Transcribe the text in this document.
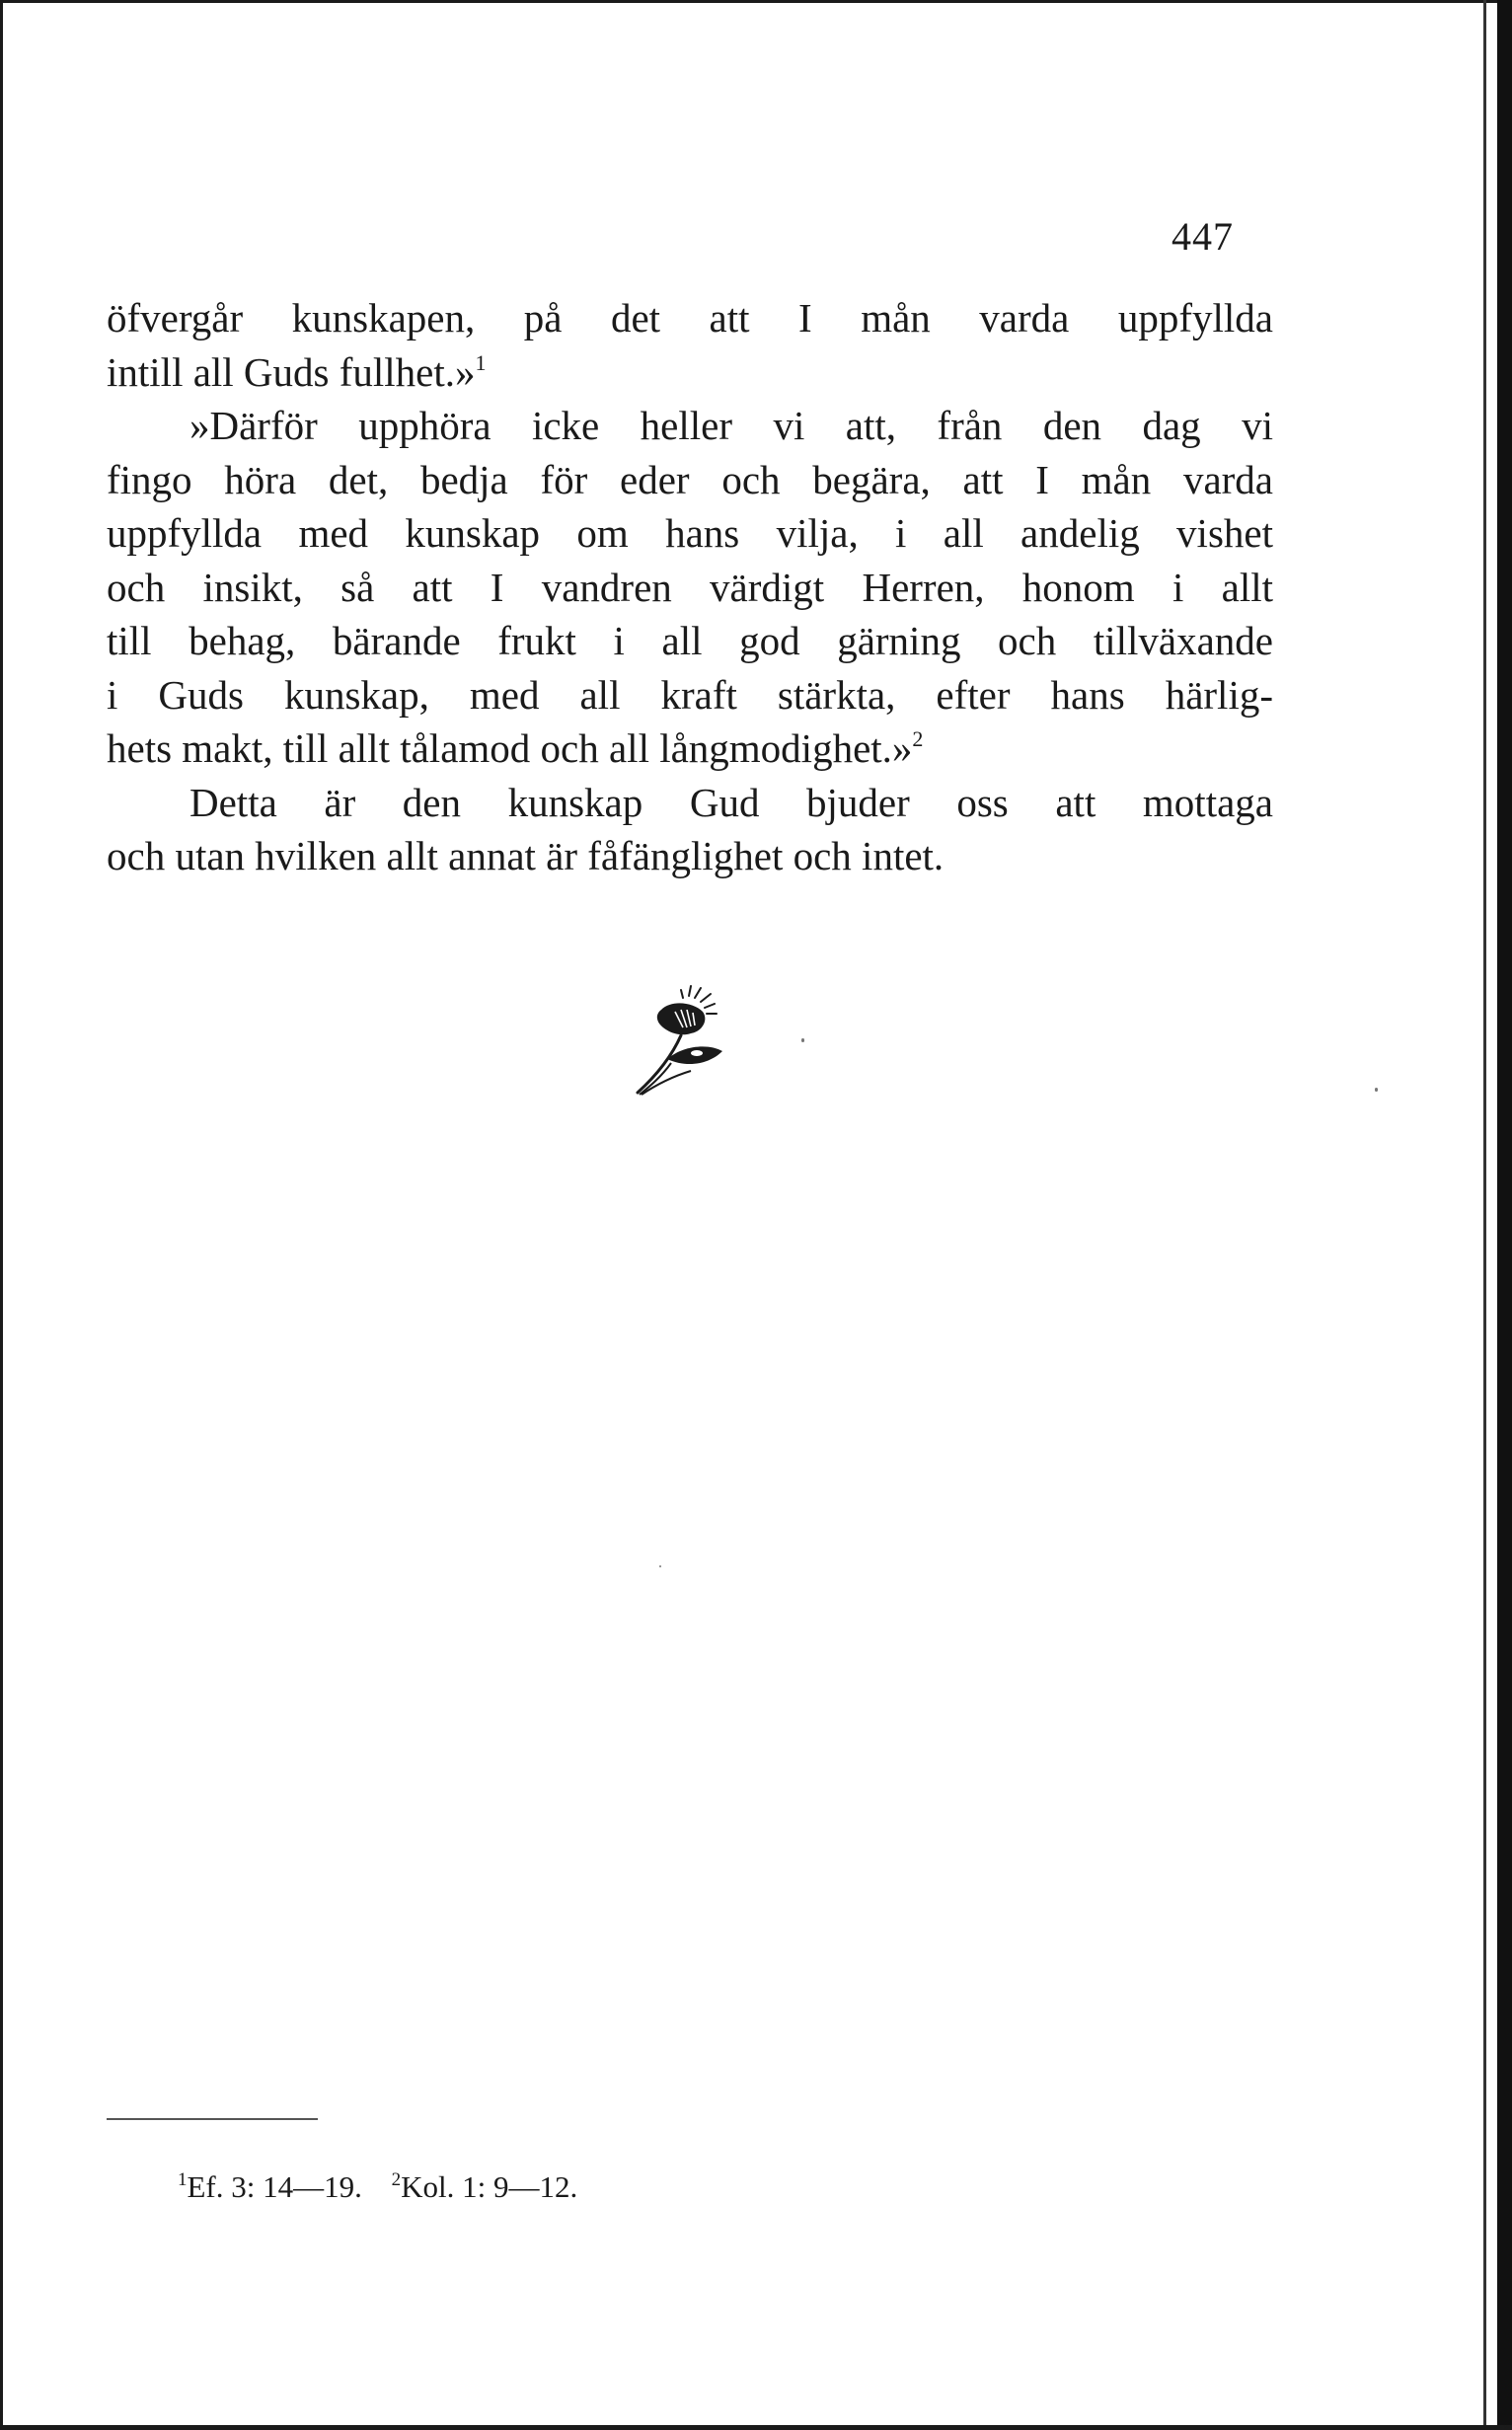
447

öfvergår kunskapen, på det att I mån varda uppfyllda
intill all Guds fullhet.»$^1$

»Därför upphöra icke heller vi att, från den dag vi
fingo höra det, bedja för eder och begära, att I mån varda
uppfyllda med kunskap om hans vilja, i all andelig vishet
och insikt, så att I vandren värdigt Herren, honom i allt
till behag, bärande frukt i all god gärning och tillväxande
i Guds kunskap, med all kraft stärkta, efter hans härlig-
hets makt, till allt tålamod och all långmodighet.»$^2$

Detta är den kunskap Gud bjuder oss att mottaga
och utan hvilken allt annat är fåfänglighet och intet.

$^1$Ef. 3: 14—19. $^2$Kol. 1: 9—12.
